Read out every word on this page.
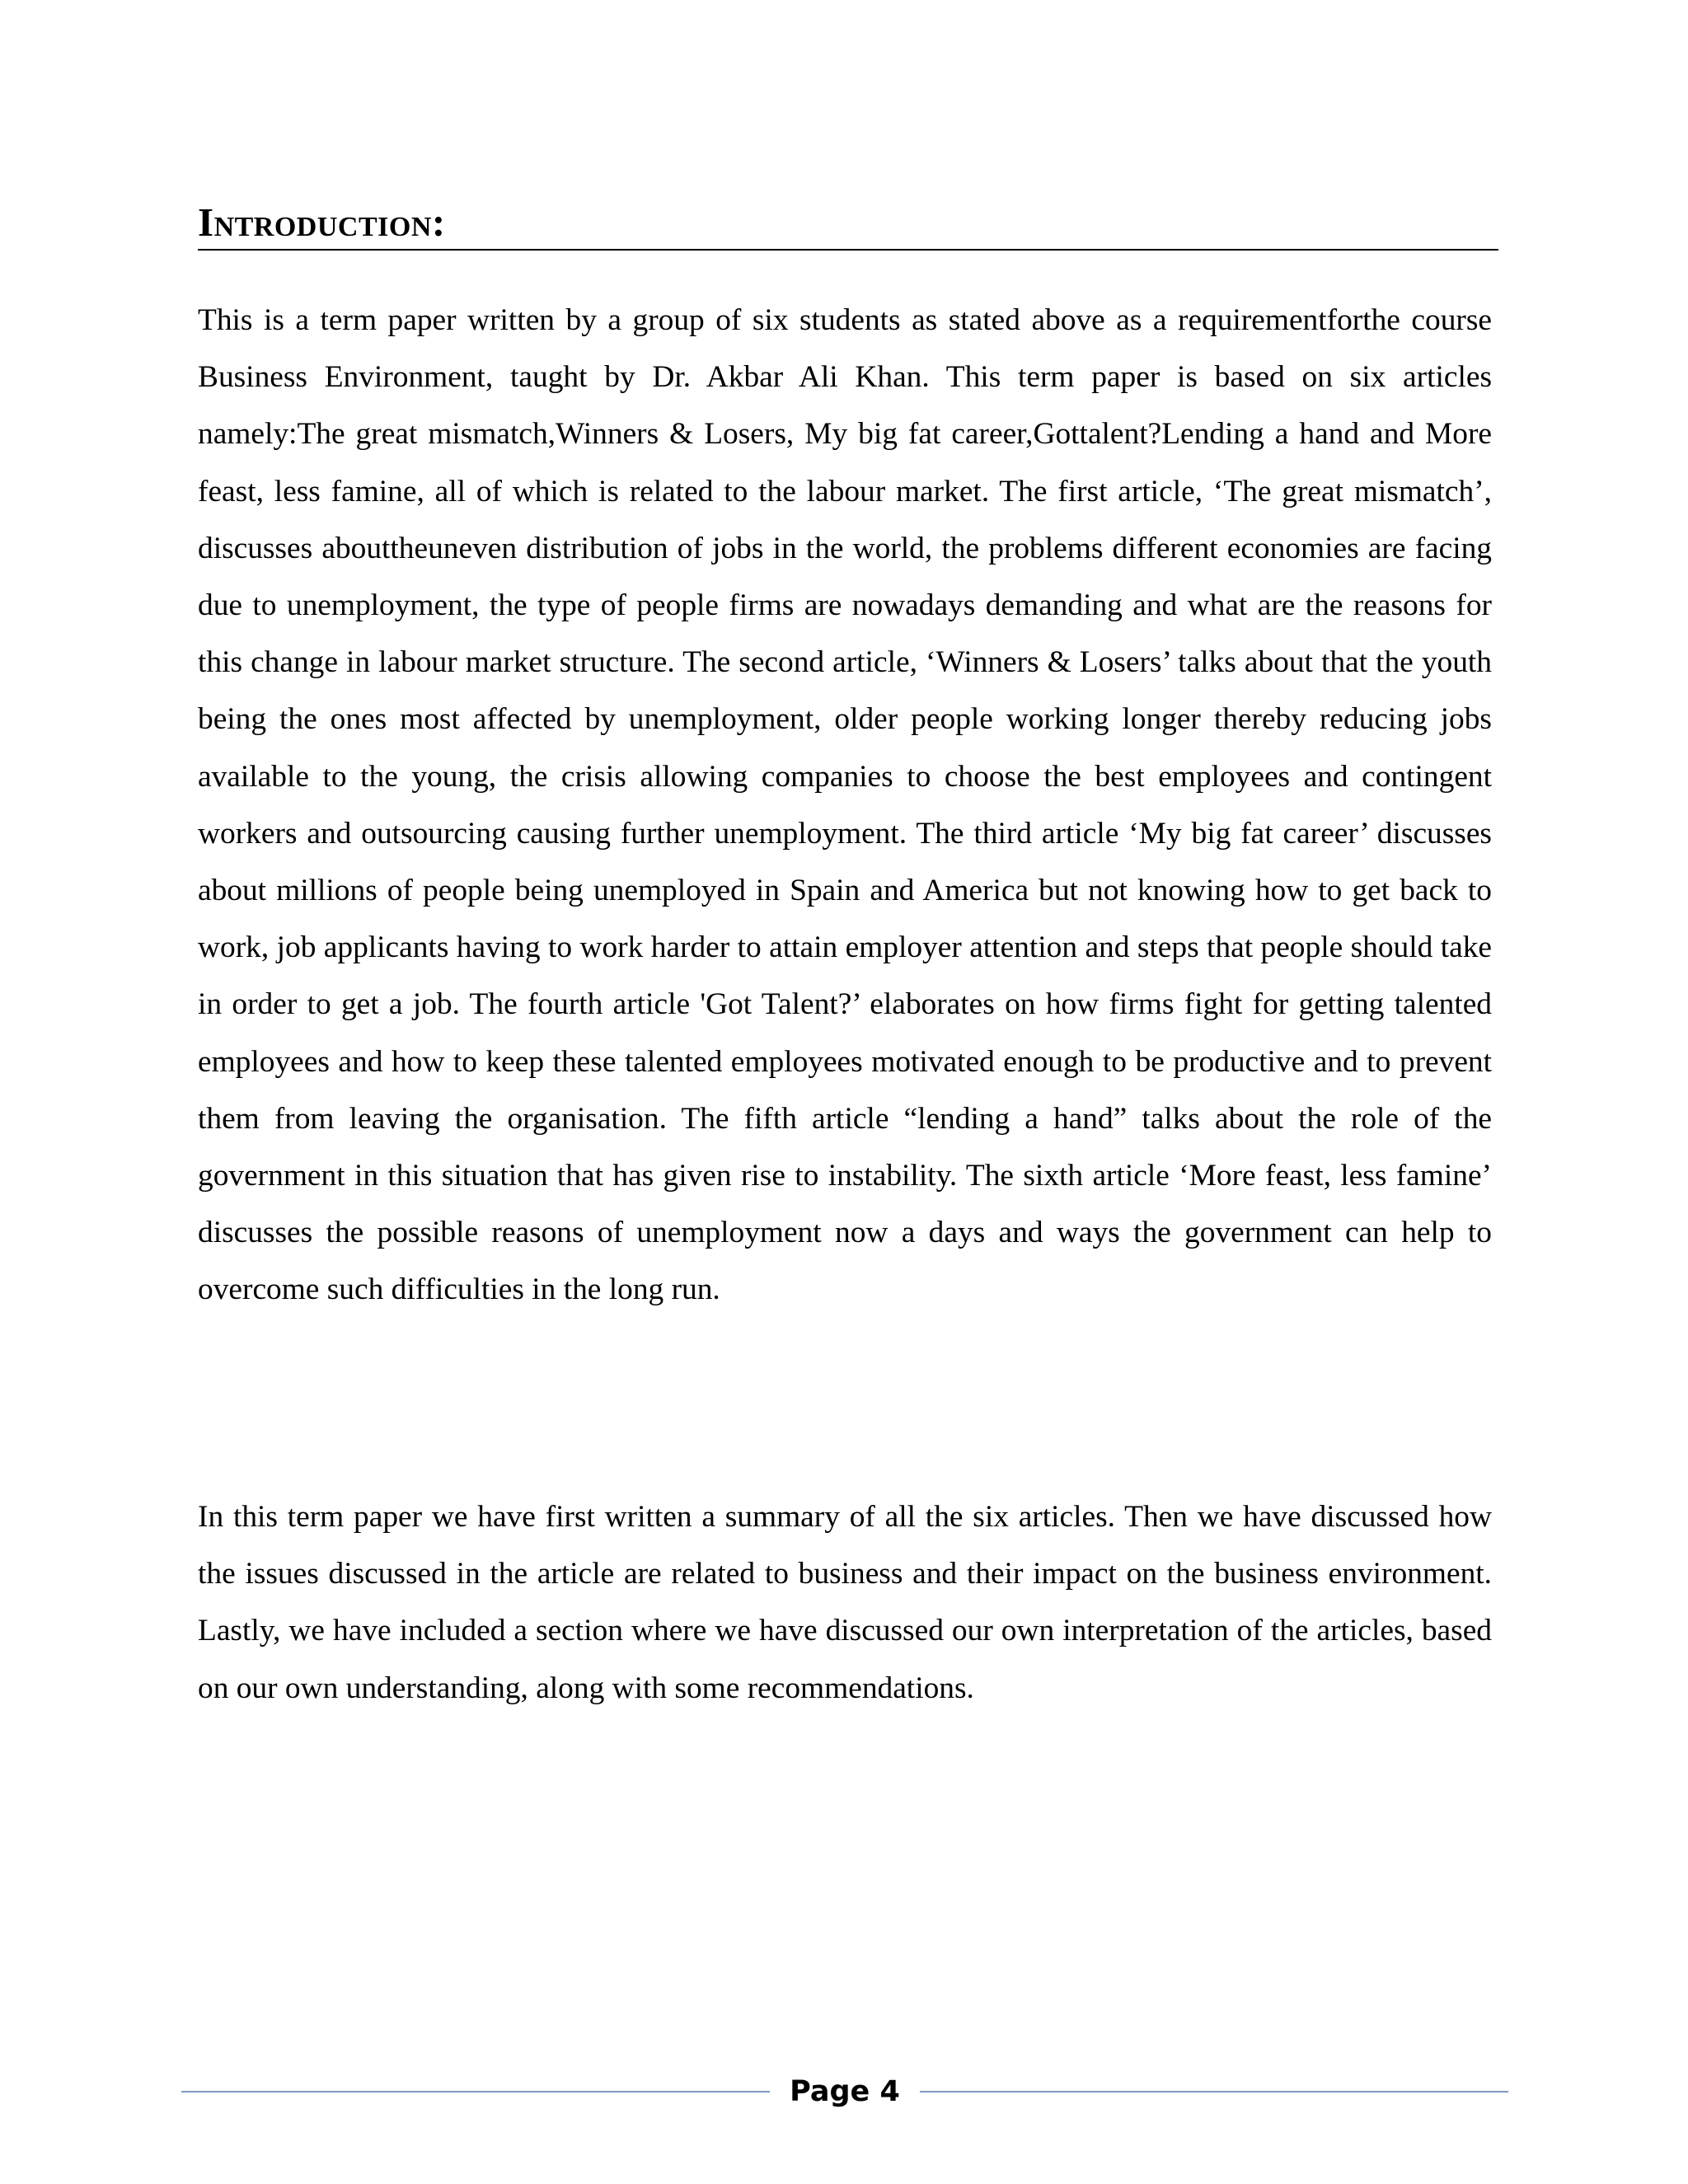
Introduction:

This is a term paper written by a group of six students as stated above as a requirementforthe course Business Environment, taught by Dr. Akbar Ali Khan. This term paper is based on six articles namely:The great mismatch,Winners & Losers, My big fat career,Gottalent?Lending a hand and More feast, less famine, all of which is related to the labour market. The first article, ‘The great mismatch’, discusses abouttheuneven distribution of jobs in the world, the problems different economies are facing due to unemployment, the type of people firms are nowadays demanding and what are the reasons for this change in labour market structure. The second article, ‘Winners & Losers’ talks about that the youth being the ones most affected by unemployment, older people working longer thereby reducing jobs available to the young, the crisis allowing companies to choose the best employees and contingent workers and outsourcing causing further unemployment. The third article ‘My big fat career’ discusses about millions of people being unemployed in Spain and America but not knowing how to get back to work, job applicants having to work harder to attain employer attention and steps that people should take in order to get a job. The fourth article 'Got Talent?’ elaborates on how firms fight for getting talented employees and how to keep these talented employees motivated enough to be productive and to prevent them from leaving the organisation. The fifth article “lending a hand” talks about the role of the government in this situation that has given rise to instability. The sixth article ‘More feast, less famine’ discusses the possible reasons of unemployment now a days and ways the government can help to overcome such difficulties in the long run.

In this term paper we have first written a summary of all the six articles. Then we have discussed how the issues discussed in the article are related to business and their impact on the business environment. Lastly, we have included a section where we have discussed our own interpretation of the articles, based on our own understanding, along with some recommendations.

Page 4
